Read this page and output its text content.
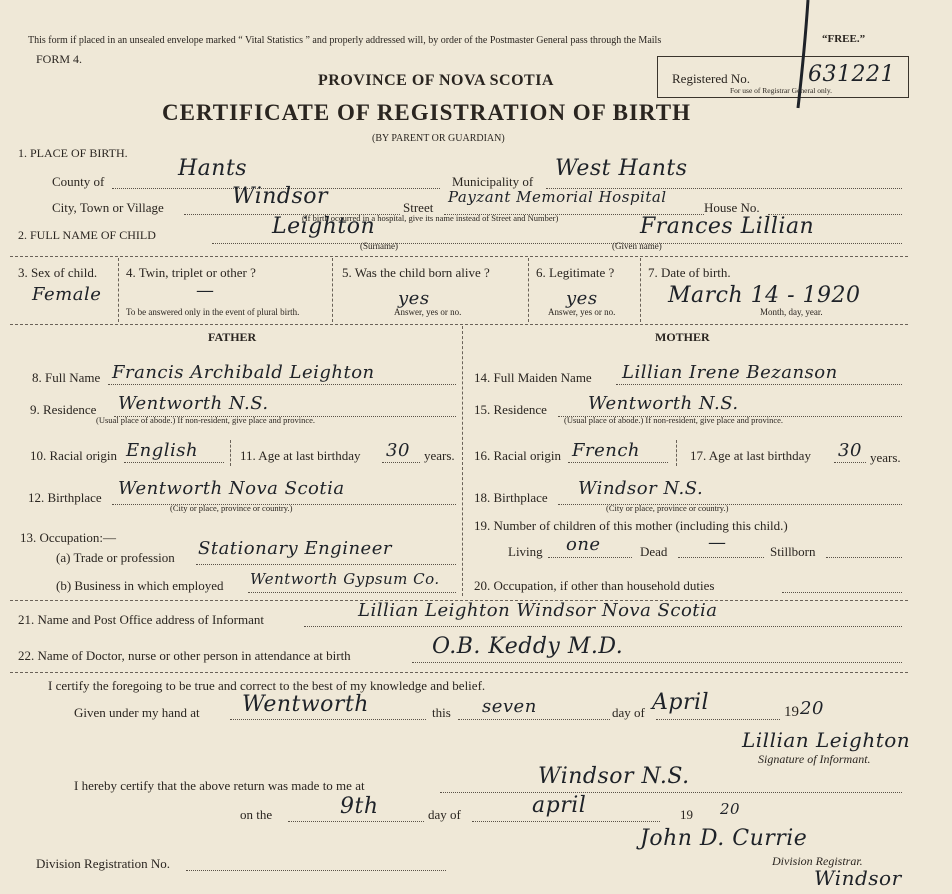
This form if placed in an unsealed envelope marked “ Vital Statistics ” and properly addressed will, by order of the Postmaster General pass through the Mails	“FREE.”
FORM 4.
PROVINCE OF NOVA SCOTIA
CERTIFICATE OF REGISTRATION OF BIRTH
(BY PARENT OR GUARDIAN)
Registered No.	631221
For use of Registrar General only.
1. PLACE OF BIRTH.
County of
Hants
Municipality of
West Hants
City, Town or Village	Windsor	Street
Payzant Memorial Hospital
House No.
(If birth occurred in a hospital, give its name instead of Street and Number)
2. FULL NAME OF CHILD	Leighton
(Surname)
Frances Lillian
(Given name)
3. Sex of child.
Female
4. Twin, triplet or other ?
—
To be answered only in the event of plural birth.
5. Was the child born alive ?
yes
Answer, yes or no.
6. Legitimate ?
yes
Answer, yes or no.
7. Date of birth.
March 14 - 1920
Month, day, year.
FATHER	MOTHER
8. Full Name Francis Archibald Leighton
9. Residence Wentworth N.S.
(Usual place of abode.) If non-resident, give place and province.
10. Racial origin English	11. Age at last birthday 30 years.
12. Birthplace Wentworth Nova Scotia
(City or place, province or country.)
13. Occupation:—
(a) Trade or profession Stationary Engineer
(b) Business in which employed Wentworth Gypsum Co.
14. Full Maiden Name Lillian Irene Bezanson
15. Residence Wentworth N.S.
(Usual place of abode.) If non-resident, give place and province.
16. Racial origin French	17. Age at last birthday 30 years.
18. Birthplace Windsor N.S.
(City or place, province or country.)
19. Number of children of this mother (including this child.)
Living one	Dead —	Stillborn
20. Occupation, if other than household duties
21. Name and Post Office address of Informant	Lillian Leighton Windsor Nova Scotia
22. Name of Doctor, nurse or other person in attendance at birth	O.B. Keddy M.D.
I certify the foregoing to be true and correct to the best of my knowledge and belief.
Given under my hand at Wentworth	this seven	day of April	19 20
Lillian Leighton
Signature of Informant.
I hereby certify that the above return was made to me at	Windsor N.S.
on the	9th	day of	april	19 20
John D. Currie
Division Registration No.	Division Registrar.
Windsor
